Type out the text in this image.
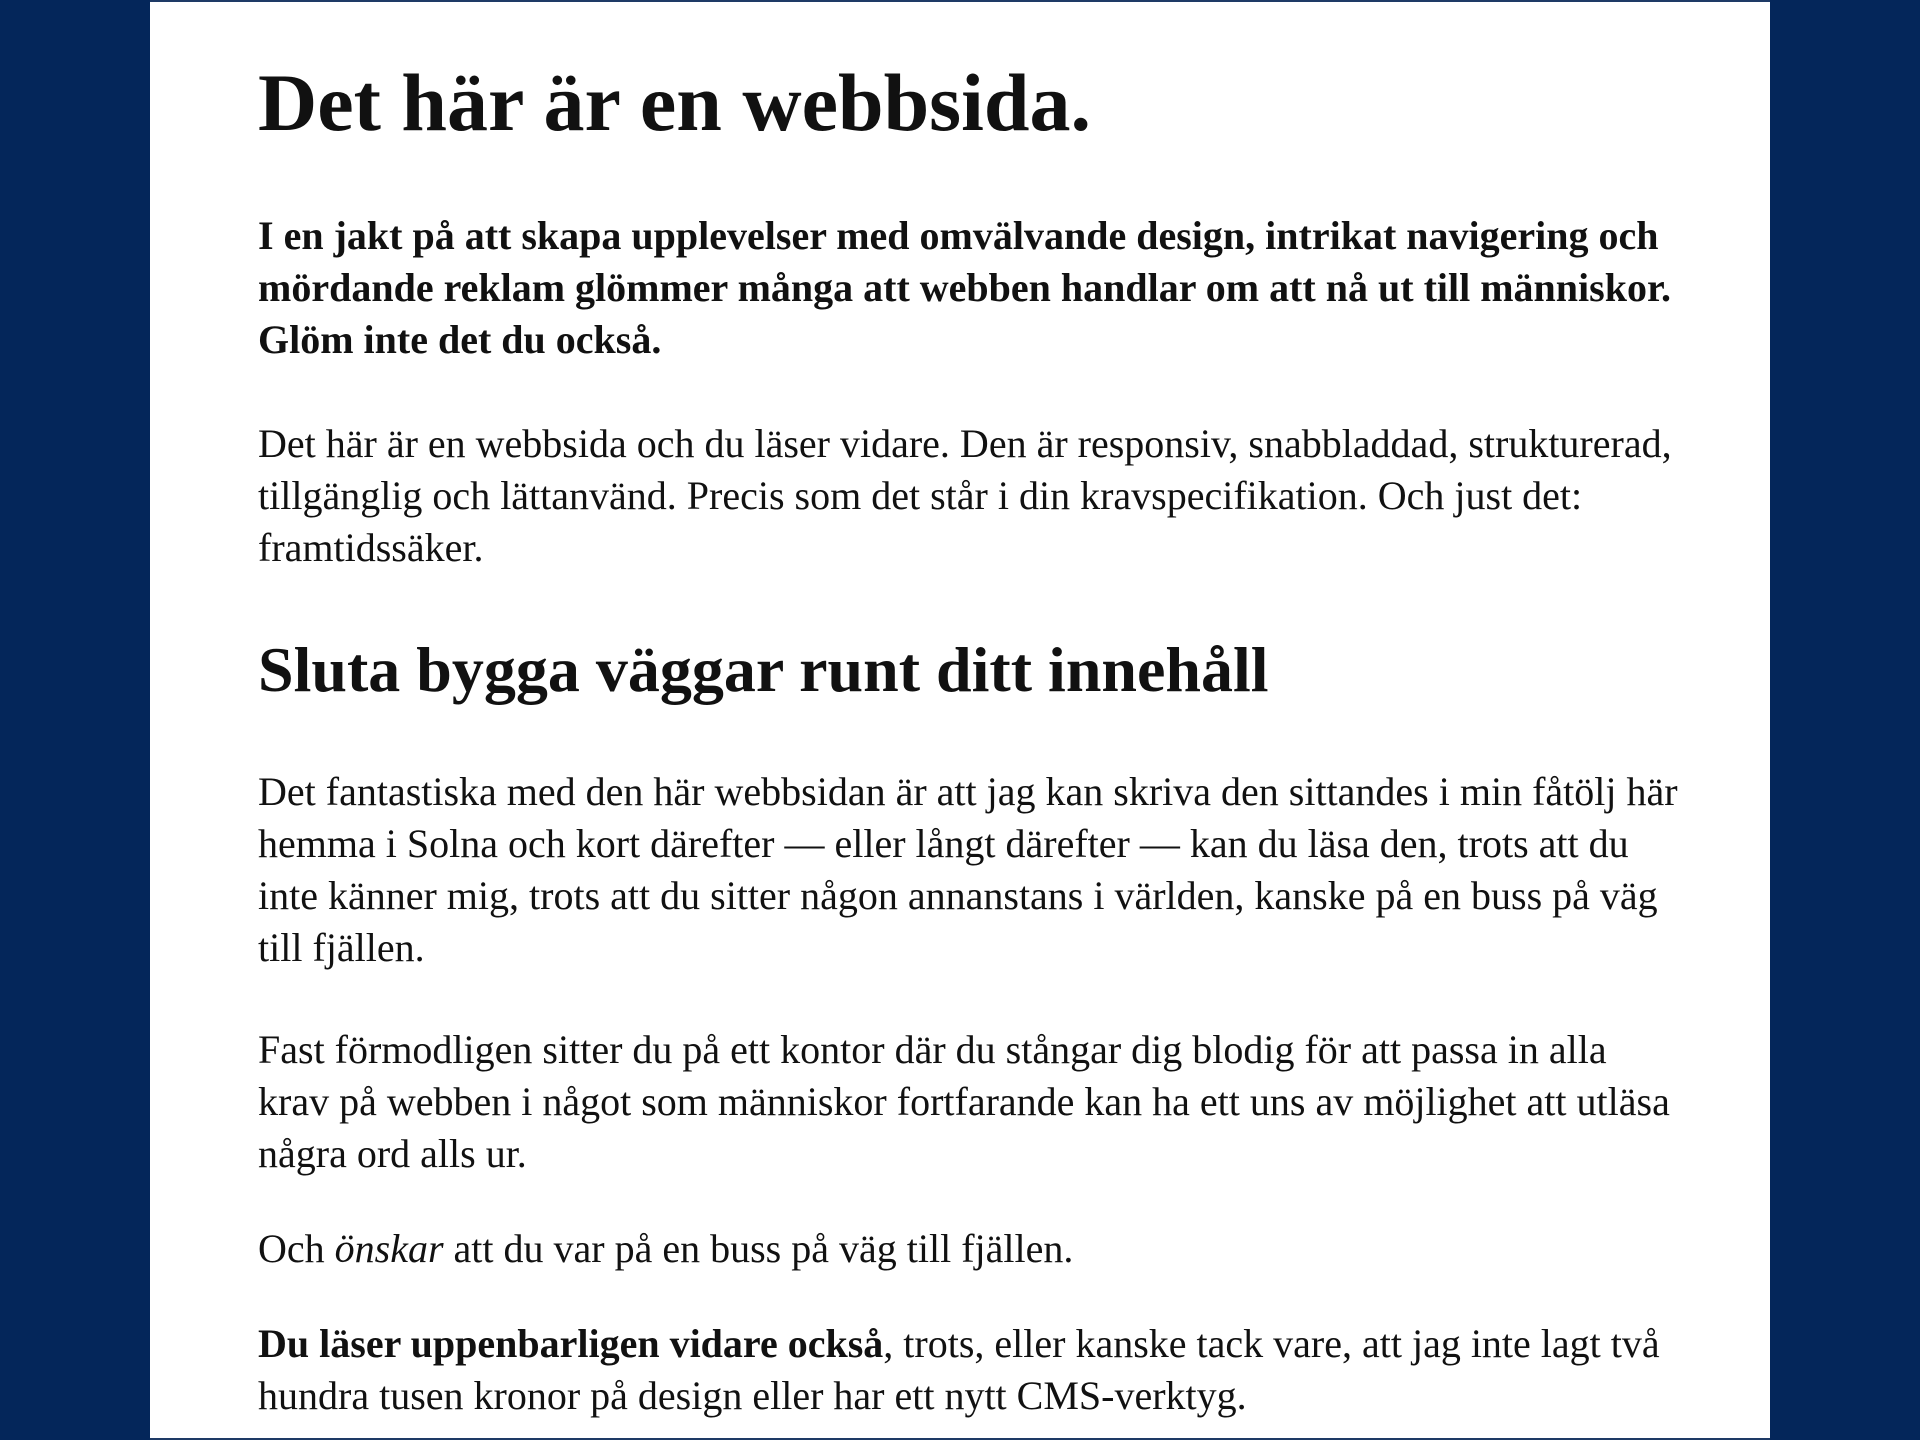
Det här är en webbsida.

I en jakt på att skapa upplevelser med omvälvande design, intrikat navigering och mördande reklam glömmer många att webben handlar om att nå ut till människor. Glöm inte det du också.

Det här är en webbsida och du läser vidare. Den är responsiv, snabbladdad, strukturerad, tillgänglig och lättanvänd. Precis som det står i din kravspecifikation. Och just det: framtidssäker.

Sluta bygga väggar runt ditt innehåll

Det fantastiska med den här webbsidan är att jag kan skriva den sittandes i min fåtölj här hemma i Solna och kort därefter — eller långt därefter — kan du läsa den, trots att du inte känner mig, trots att du sitter någon annanstans i världen, kanske på en buss på väg till fjällen.

Fast förmodligen sitter du på ett kontor där du stångar dig blodig för att passa in alla krav på webben i något som människor fortfarande kan ha ett uns av möjlighet att utläsa några ord alls ur.

Och önskar att du var på en buss på väg till fjällen.

Du läser uppenbarligen vidare också, trots, eller kanske tack vare, att jag inte lagt två hundra tusen kronor på design eller har ett nytt CMS-verktyg.
